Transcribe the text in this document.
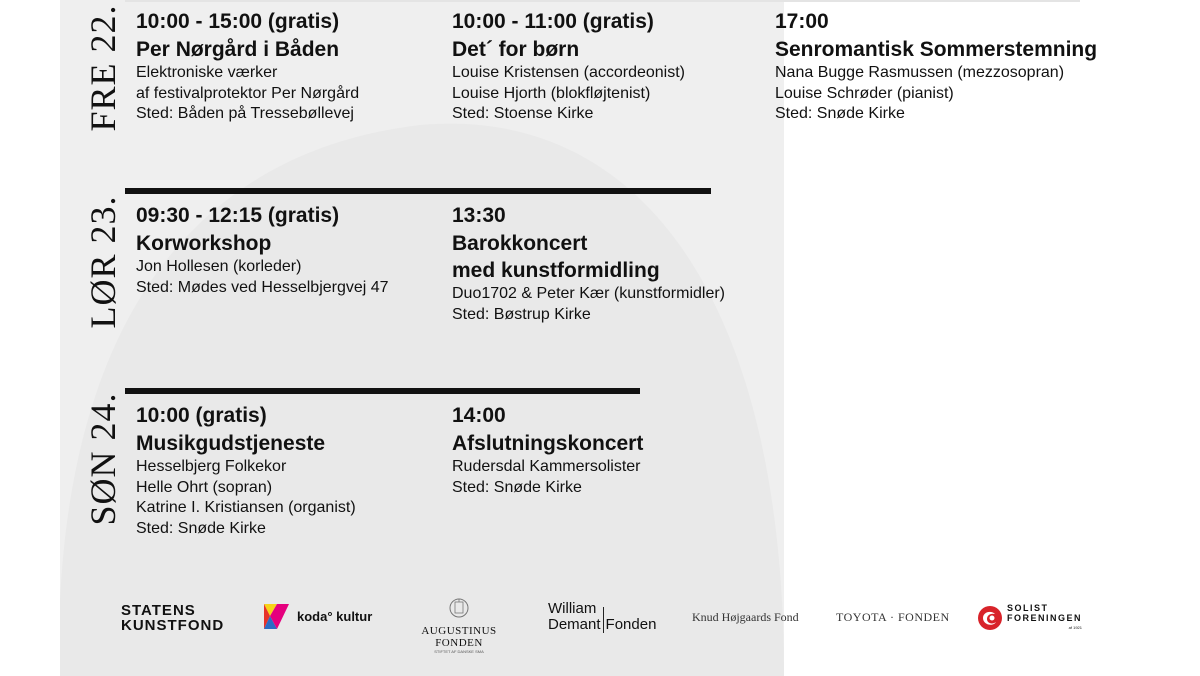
FRE 22.
LØR 23.
SØN 24.
10:00 - 15:00 (gratis)
Per Nørgård i Båden
Elektroniske værker
af festivalprotektor Per Nørgård
Sted: Båden på Tressebøllevej
10:00 - 11:00 (gratis)
Det´ for børn
Louise Kristensen (accordeonist)
Louise Hjorth (blokfløjtenist)
Sted: Stoense Kirke
17:00
Senromantisk Sommerstemning
Nana Bugge Rasmussen (mezzosopran)
Louise Schrøder (pianist)
Sted: Snøde Kirke
09:30 - 12:15 (gratis)
Korworkshop
Jon Hollesen (korleder)
Sted: Mødes ved Hesselbjergvej 47
13:30
Barokkoncert
med kunstformidling
Duo1702 & Peter Kær (kunstformidler)
Sted: Bøstrup Kirke
10:00 (gratis)
Musikgudstjeneste
Hesselbjerg Folkekor
Helle Ohrt (sopran)
Katrine I. Kristiansen (organist)
Sted: Snøde Kirke
14:00
Afslutningskoncert
Rudersdal Kammersolister
Sted: Snøde Kirke
STATENS
KUNSTFOND
koda° kultur
AUGUSTINUS FONDEN
STIFTET AF DANSKE SMA
William
Demant Fonden	Knud Højgaards Fond	TOYOTA · FONDEN
SOLIST
FORENINGEN
af 1921
